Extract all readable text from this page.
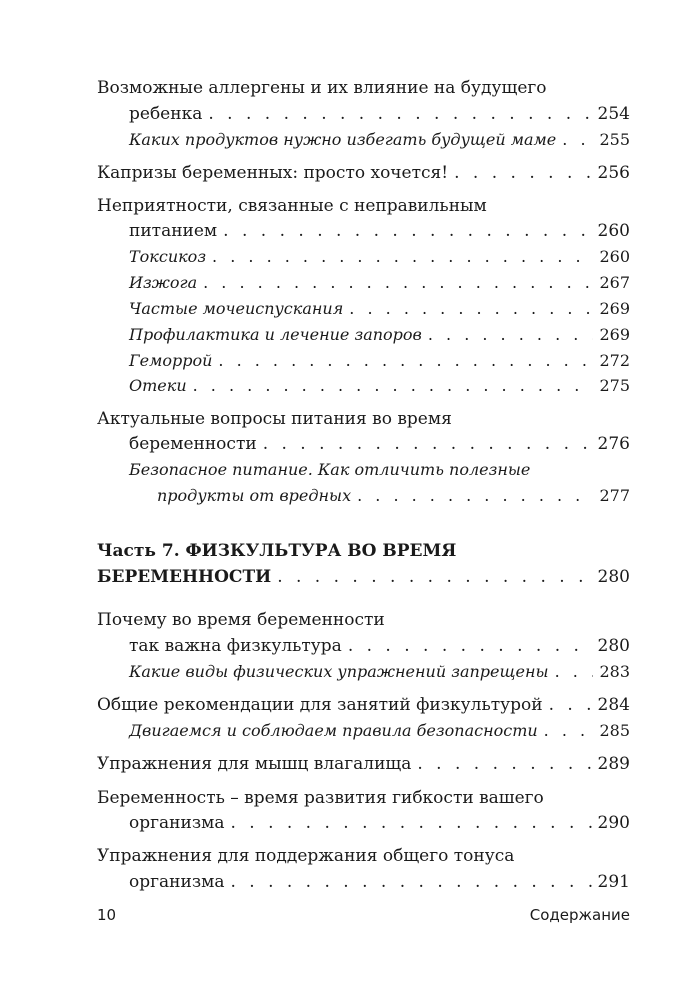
Возможные аллергены и их влияние на будущего
ребенка . . .	254
Каких продуктов нужно избегать будущей маме . . .	255
Капризы беременных: просто хочется! . . .	256
Неприятности, связанные с неправильным
питанием . . .	260
Токсикоз . . .	260
Изжога . . .	267
Частые мочеиспускания . . .	269
Профилактика и лечение запоров . . .	269
Геморрой . . .	272
Отеки . . .	275
Актуальные вопросы питания во время
беременности . . .	276
Безопасное питание. Как отличить полезные
продукты от вредных . . .	277
Часть 7. ФИЗКУЛЬТУРА ВО ВРЕМЯ
БЕРЕМЕННОСТИ . . .	280
Почему во время беременности
так важна физкультура . . .	280
Какие виды физических упражнений запрещены . . .	283
Общие рекомендации для занятий физкультурой . . .	284
Двигаемся и соблюдаем правила безопасности . . .	285
Упражнения для мышц влагалища . . .	289
Беременность – время развития гибкости вашего
организма . . .	290
Упражнения для поддержания общего тонуса
организма . . .	291
10	Содержание
